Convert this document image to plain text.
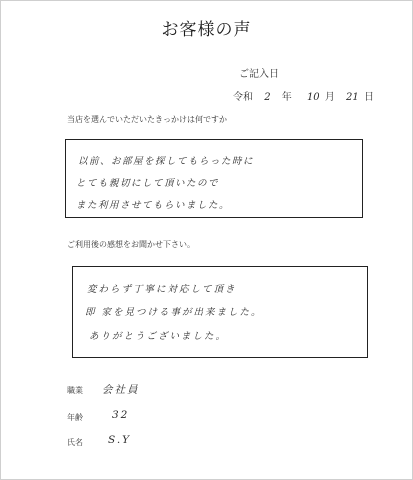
お客様の声
ご記入日
令和 2 年 10 月 21 日
当店を選んでいただいたきっかけは何ですか
以前、お部屋を探してもらった時に
とても親切にして頂いたので
また利用させてもらいました。
ご利用後の感想をお聞かせ下さい。
変わらず丁寧に対応して頂き
即 家を見つける事が出来ました。
ありがとうございました。
職業 会社員
年齢	32
氏名 S.Y
